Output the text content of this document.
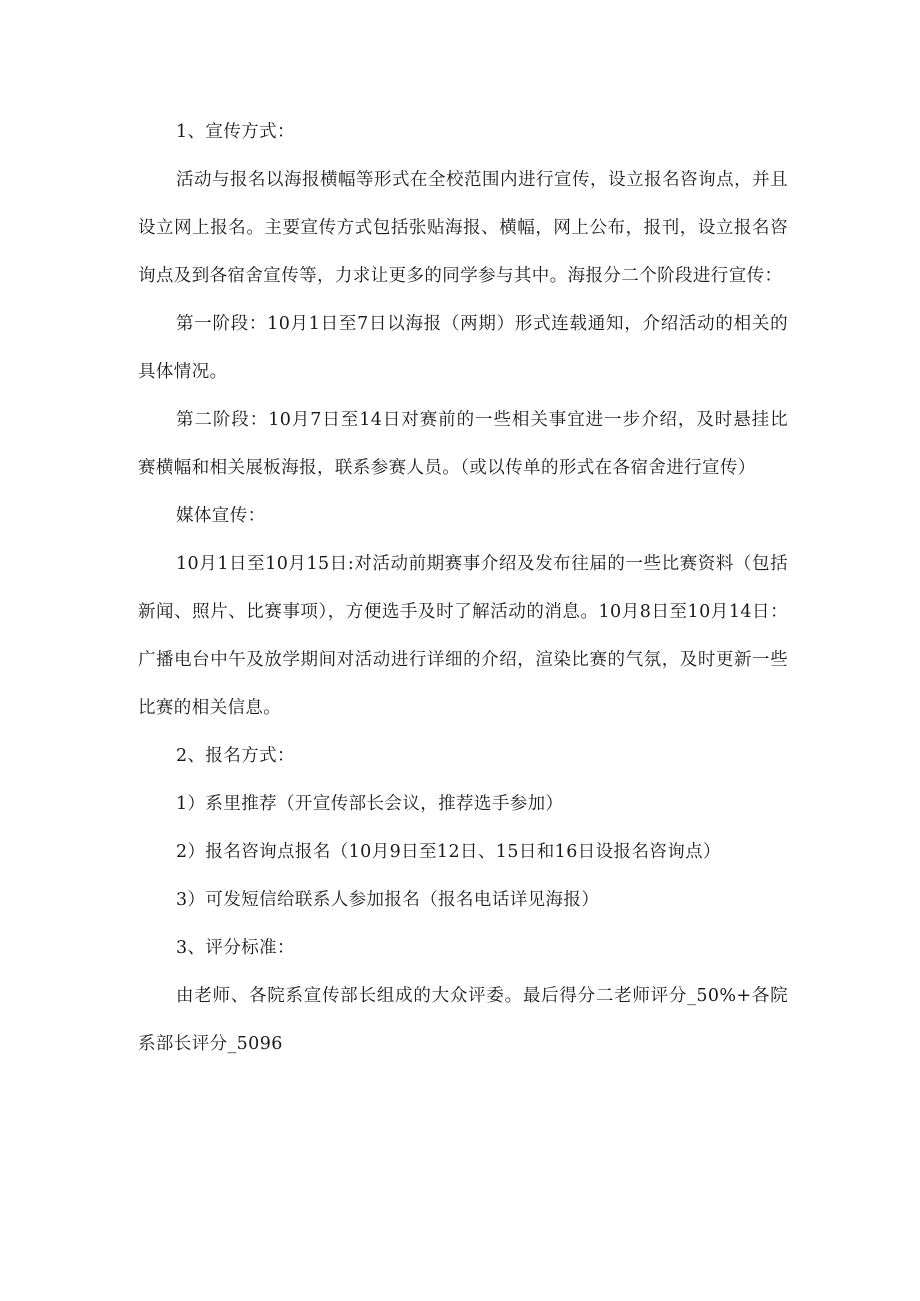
1、宣传方式：

活动与报名以海报横幅等形式在全校范围内进行宣传，设立报名咨询点，并且设立网上报名。主要宣传方式包括张贴海报、横幅，网上公布，报刊，设立报名咨询点及到各宿舍宣传等，力求让更多的同学参与其中。海报分二个阶段进行宣传：

第一阶段：10月1日至7日以海报（两期）形式连载通知，介绍活动的相关的具体情况。

第二阶段：10月7日至14日对赛前的一些相关事宜进一步介绍，及时悬挂比赛横幅和相关展板海报，联系参赛人员。（或以传单的形式在各宿舍进行宣传）

媒体宣传：

10月1日至10月15日:对活动前期赛事介绍及发布往届的一些比赛资料（包括新闻、照片、比赛事项），方便选手及时了解活动的消息。10月8日至10月14日：广播电台中午及放学期间对活动进行详细的介绍，渲染比赛的气氛，及时更新一些比赛的相关信息。

2、报名方式：

1）系里推荐（开宣传部长会议，推荐选手参加）

2）报名咨询点报名（10月9日至12日、15日和16日设报名咨询点）

3）可发短信给联系人参加报名（报名电话详见海报）

3、评分标准：

由老师、各院系宣传部长组成的大众评委。最后得分二老师评分_50%+各院系部长评分_5096
